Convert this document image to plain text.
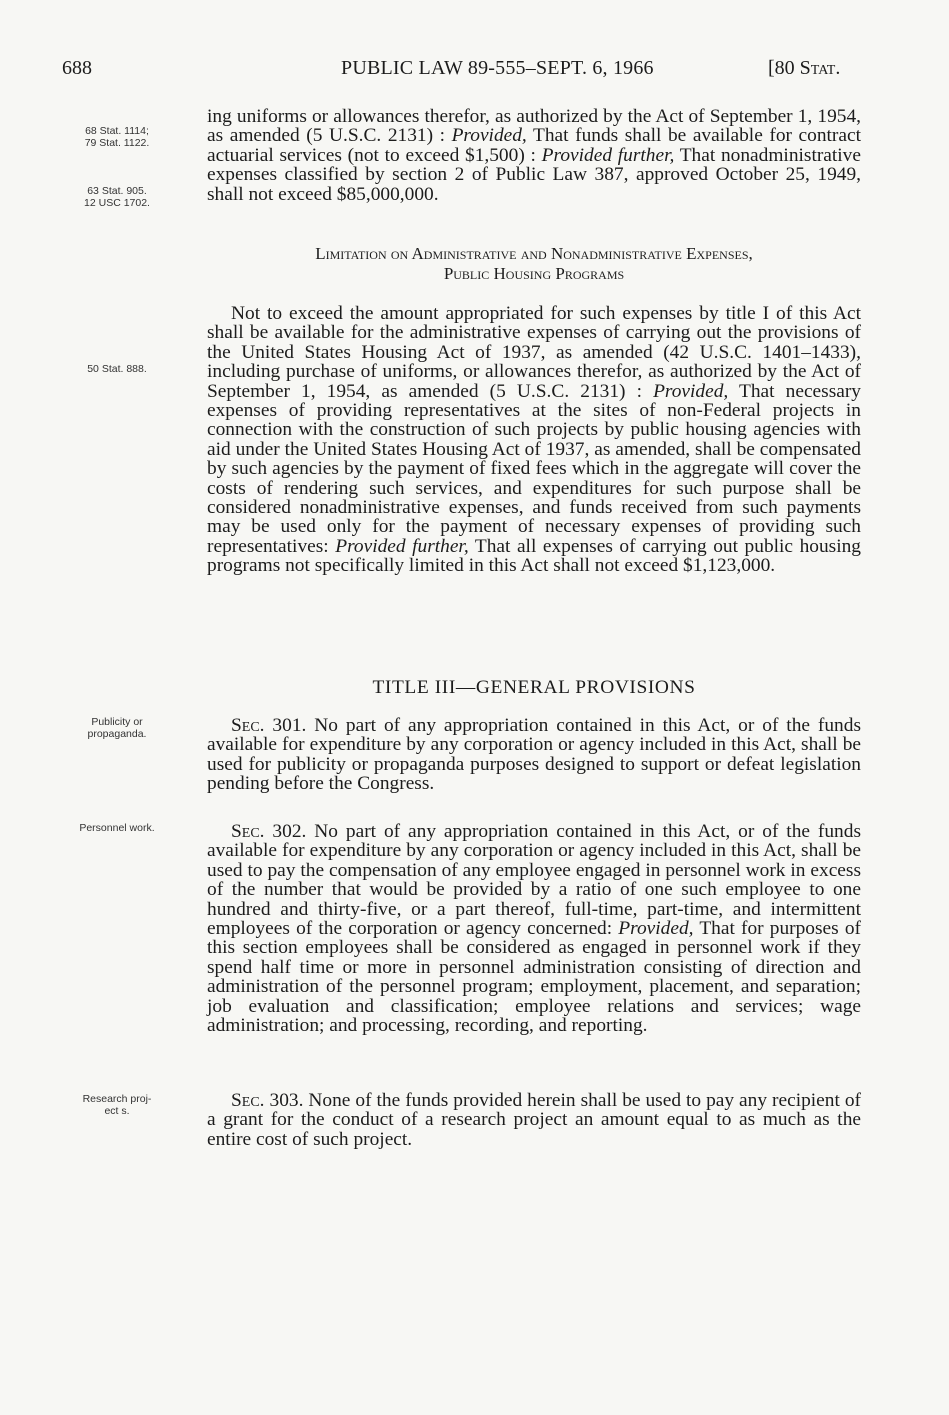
688	PUBLIC LAW 89-555–SEPT. 6, 1966	[80 Stat.
68 Stat. 1114;
79 Stat. 1122.
63 Stat. 905.
12 USC 1702.
50 Stat. 888.
Publicity or
propaganda.
Personnel work.
Research proj-
ect s.
ing uniforms or allowances therefor, as authorized by the Act of September 1, 1954, as amended (5 U.S.C. 2131) : Provided, That funds shall be available for contract actuarial services (not to exceed $1,500) : Provided further, That nonadministrative expenses classified by section 2 of Public Law 387, approved October 25, 1949, shall not exceed $85,000,000.
Limitation on Administrative and Nonadministrative Expenses,
Public Housing Programs
Not to exceed the amount appropriated for such expenses by title I of this Act shall be available for the administrative expenses of carrying out the provisions of the United States Housing Act of 1937, as amended (42 U.S.C. 1401–1433), including purchase of uniforms, or allowances therefor, as authorized by the Act of September 1, 1954, as amended (5 U.S.C. 2131) : Provided, That necessary expenses of providing representatives at the sites of non-Federal projects in connection with the construction of such projects by public housing agencies with aid under the United States Housing Act of 1937, as amended, shall be compensated by such agencies by the payment of fixed fees which in the aggregate will cover the costs of rendering such services, and expenditures for such purpose shall be considered nonadministrative expenses, and funds received from such payments may be used only for the payment of necessary expenses of providing such representatives: Provided further, That all expenses of carrying out public housing programs not specifically limited in this Act shall not exceed $1,123,000.
TITLE III—GENERAL PROVISIONS
Sec. 301. No part of any appropriation contained in this Act, or of the funds available for expenditure by any corporation or agency included in this Act, shall be used for publicity or propaganda purposes designed to support or defeat legislation pending before the Congress.
Sec. 302. No part of any appropriation contained in this Act, or of the funds available for expenditure by any corporation or agency included in this Act, shall be used to pay the compensation of any employee engaged in personnel work in excess of the number that would be provided by a ratio of one such employee to one hundred and thirty-five, or a part thereof, full-time, part-time, and intermittent employees of the corporation or agency concerned: Provided, That for purposes of this section employees shall be considered as engaged in personnel work if they spend half time or more in personnel administration consisting of direction and administration of the personnel program; employment, placement, and separation; job evaluation and classification; employee relations and services; wage administration; and processing, recording, and reporting.
Sec. 303. None of the funds provided herein shall be used to pay any recipient of a grant for the conduct of a research project an amount equal to as much as the entire cost of such project.
